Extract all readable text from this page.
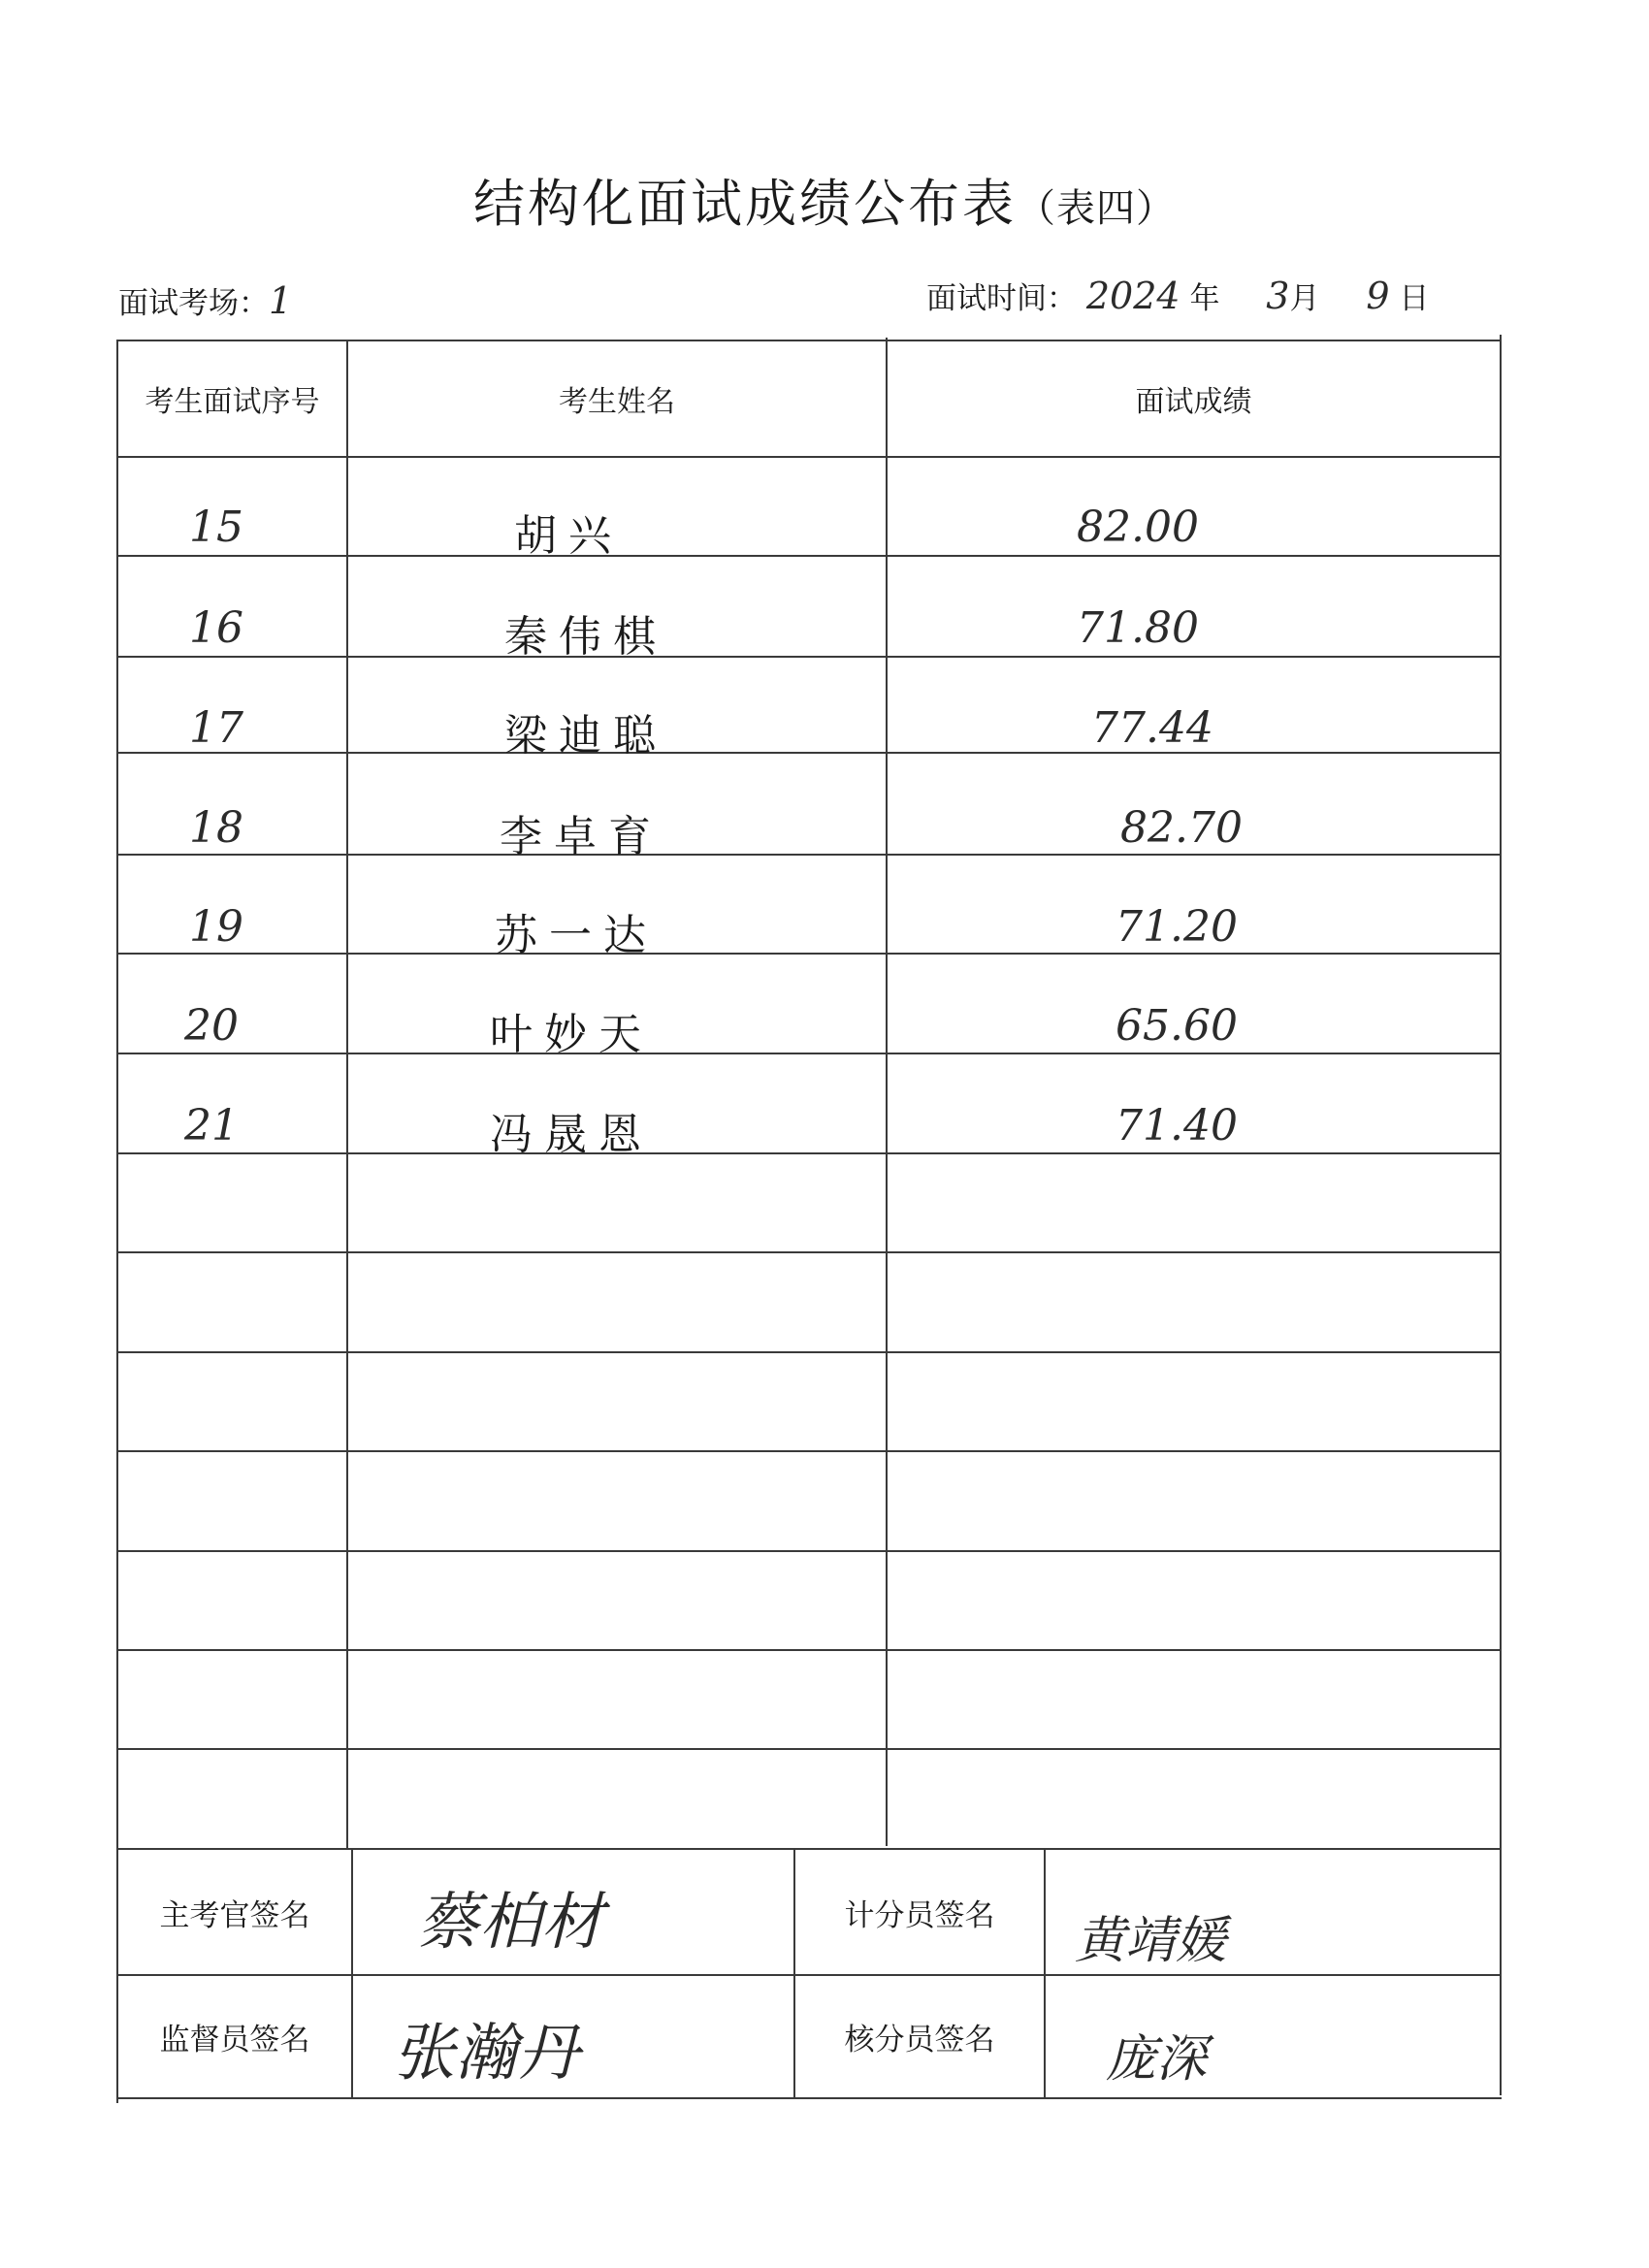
结构化面试成绩公布表（表四）
面试考场：1	面试时间： 2024 年 3月 9 日
考生面试序号	考生姓名	面试成绩
15	胡兴	82.00
16	秦伟棋	71.80
17	梁迪聪	77.44
18	李卓育	82.70
19	苏一达	71.20
20	叶妙天	65.60
21	冯晟恩	71.40
主考官签名	蔡柏材	计分员签名	黄靖媛
监督员签名	张瀚丹	核分员签名	庞深
